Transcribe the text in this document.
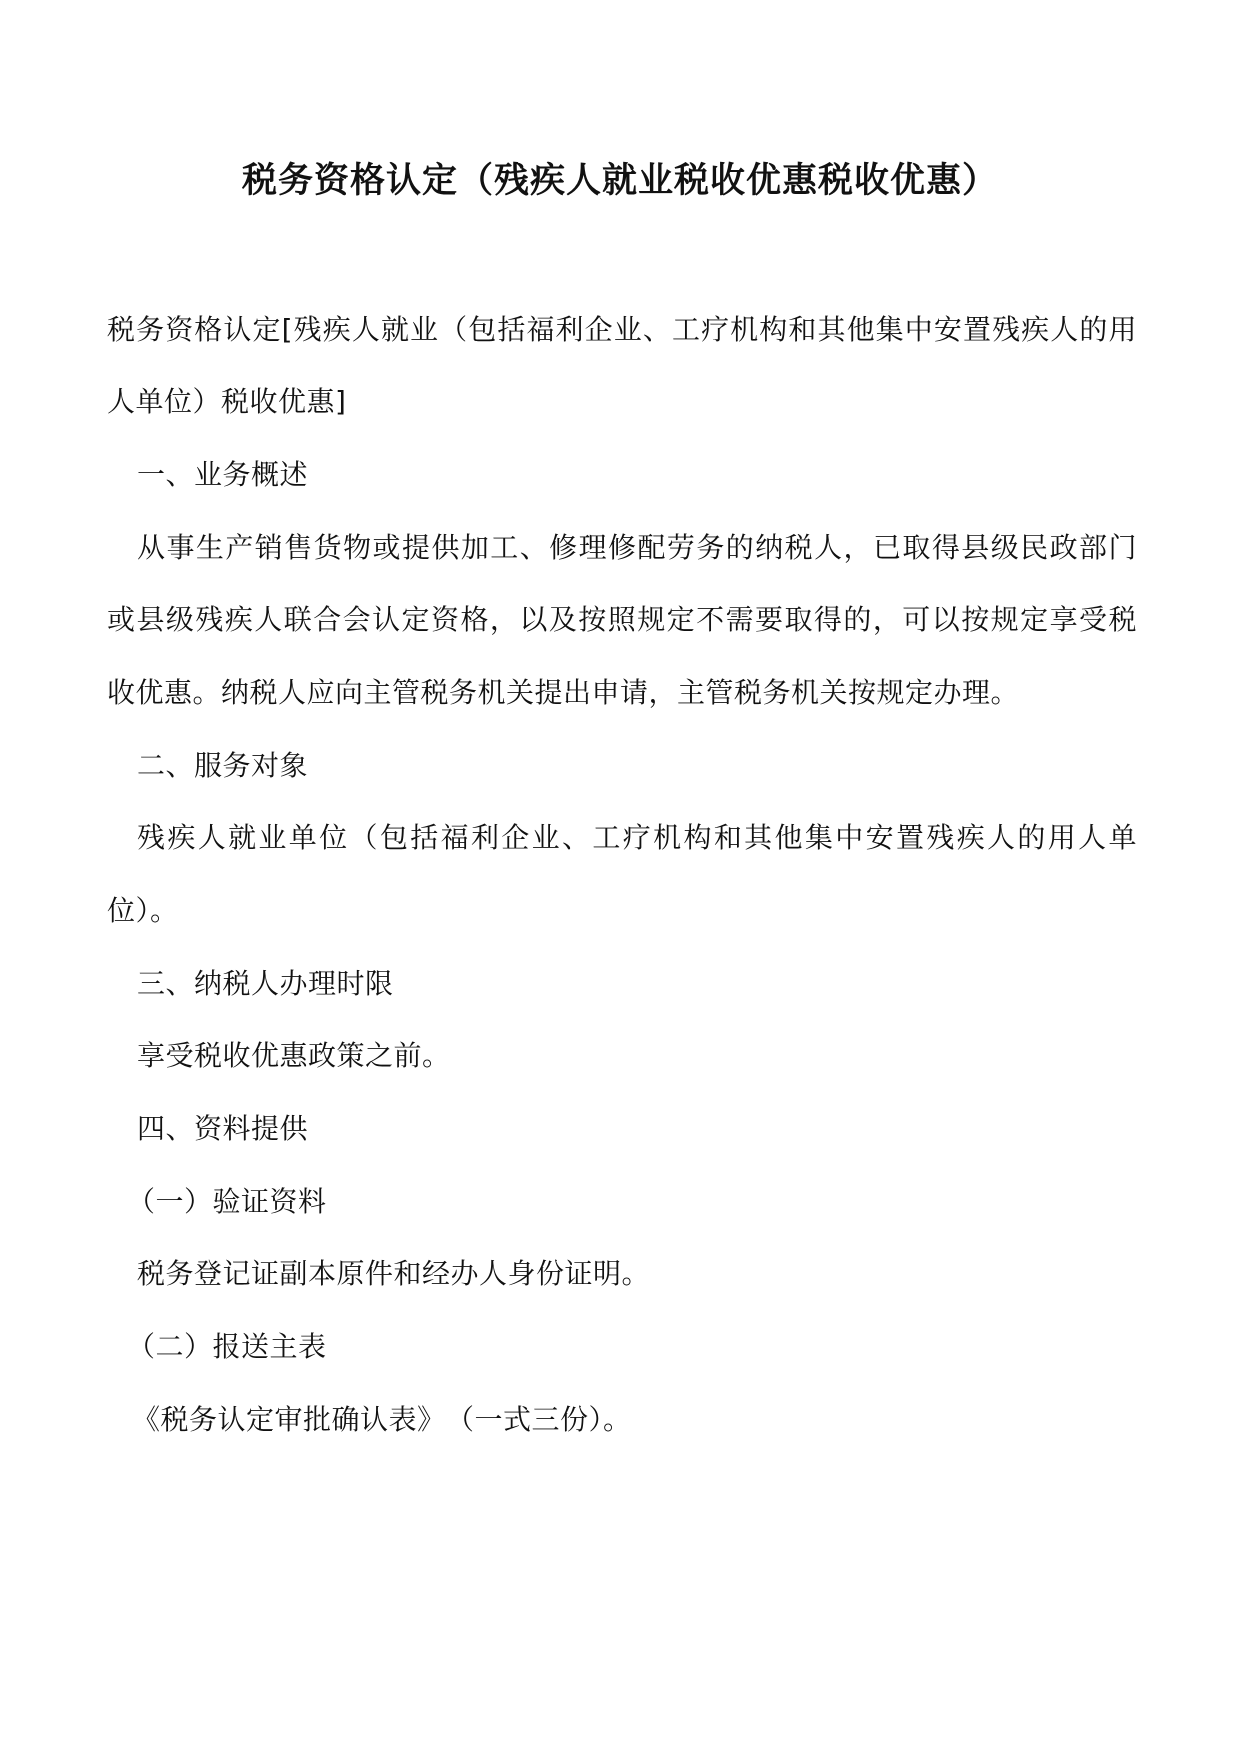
税务资格认定（残疾人就业税收优惠税收优惠）
税务资格认定[残疾人就业（包括福利企业、工疗机构和其他集中安置残疾人的用
人单位）税收优惠]
一、业务概述
从事生产销售货物或提供加工、修理修配劳务的纳税人，已取得县级民政部门
或县级残疾人联合会认定资格，以及按照规定不需要取得的，可以按规定享受税
收优惠。纳税人应向主管税务机关提出申请，主管税务机关按规定办理。
二、服务对象
残疾人就业单位（包括福利企业、工疗机构和其他集中安置残疾人的用人单
位）。
三、纳税人办理时限
享受税收优惠政策之前。
四、资料提供
（一）验证资料
税务登记证副本原件和经办人身份证明。
（二）报送主表
《税务认定审批确认表》　（一式三份）。
